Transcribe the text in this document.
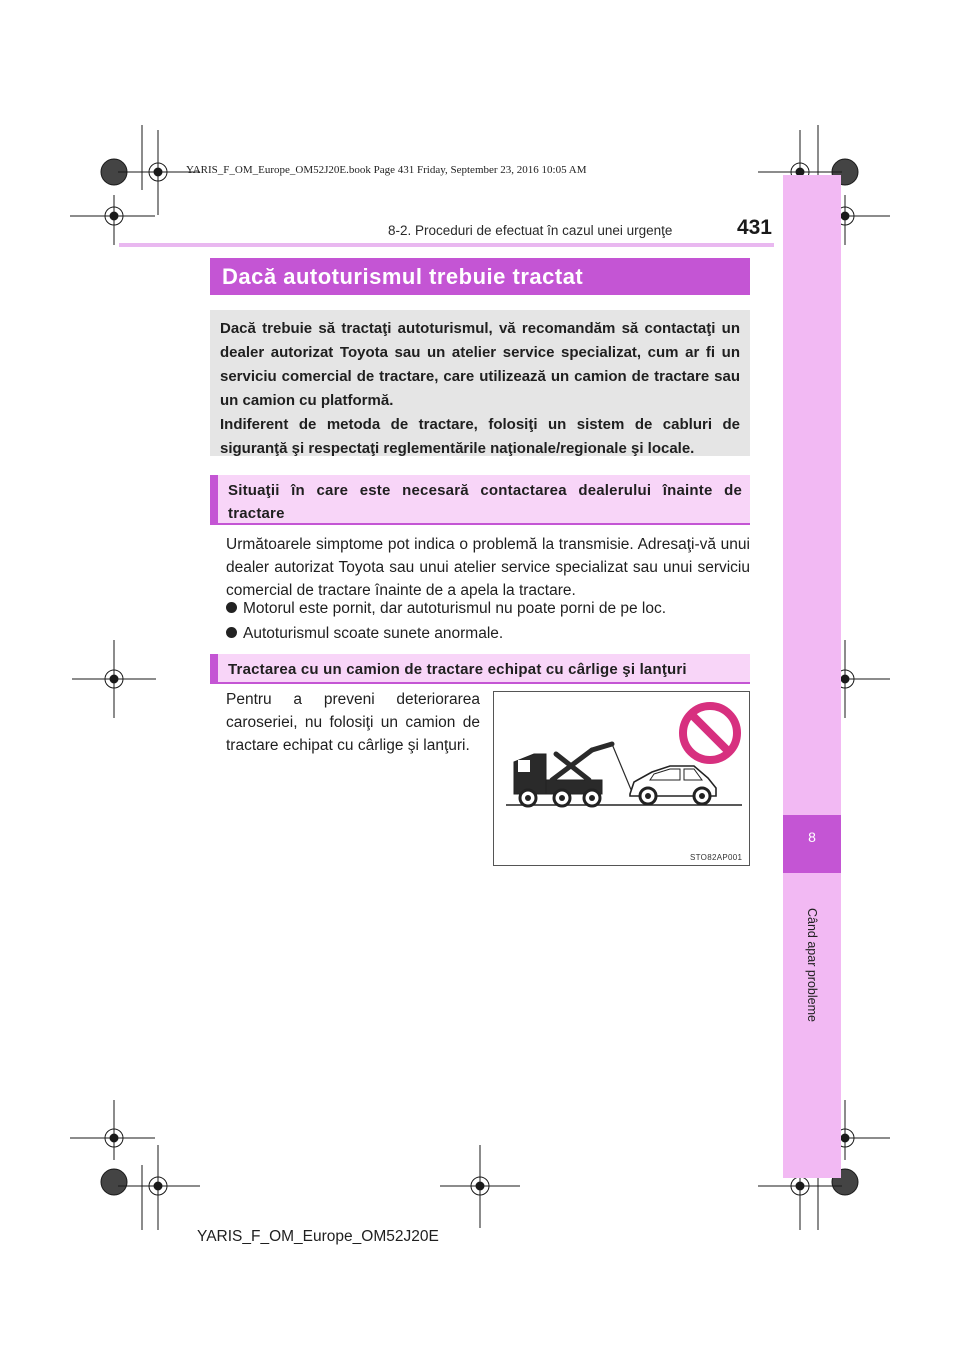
YARIS_F_OM_Europe_OM52J20E.book Page 431 Friday, September 23, 2016 10:05 AM
8
Când apar probleme
8-2. Proceduri de efectuat în cazul unei urgenţe	431
Dacă autoturismul trebuie tractat

Dacă trebuie să tractaţi autoturismul, vă recomandăm să contactaţi un dealer autorizat Toyota sau un atelier service specializat, cum ar fi un serviciu comercial de tractare, care utilizează un camion de tractare sau un camion cu platformă.

Indiferent de metoda de tractare, folosiţi un sistem de cabluri de siguranţă şi respectaţi reglementările naţionale/regionale şi locale.

Situaţii în care este necesară contactarea dealerului înainte de tractare

Următoarele simptome pot indica o problemă la transmisie. Adresaţi-vă unui dealer autorizat Toyota sau unui atelier service specializat sau unui serviciu comercial de tractare înainte de a apela la tractare.
Motorul este pornit, dar autoturismul nu poate porni de pe loc.
Autoturismul scoate sunete anormale.

Tractarea cu un camion de tractare echipat cu cârlige şi lanţuri

Pentru a preveni deteriorarea caroseriei, nu folosiţi un camion de tractare echipat cu cârlige şi lanţuri.
STO82AP001
YARIS_F_OM_Europe_OM52J20E
